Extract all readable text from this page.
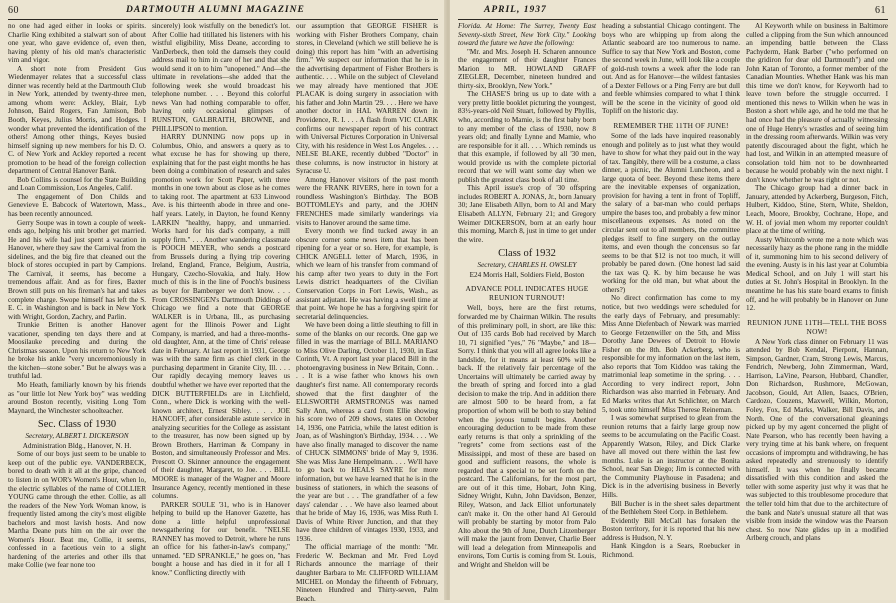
60	DARTMOUTH ALUMNI MAGAZINE

no one had aged either in looks or spirits. Charlie King exhibited a stalwart son of about one year, who gave evidence of, even then, having plenty of his old man's characteristic vim and vigor.

A short note from President Gus Wiedenmayer relates that a successful class dinner was recently held at the Dartmouth Club in New York, attended by twenty-three men, among whom were: Ackley, Blair, Lyb Johnson, Baird Rogers, Fan Jamison, Bob Booth, Keyes, Julius Morris, and Hodges. I wonder what prevented the identification of the others! Among other things, Keyes busied himself signing up new members for his D. O. C. of New York and Ackley reported a recent promotion to be head of the foreign collection department of Central Hanover Bank.

Bob Collins is counsel for the State Building and Loan Commission, Los Angeles, Calif.

The engagement of Don Childs and Genevieve E. Babcock of Watertown, Mass., has been recently announced.

Gerry Soupe was in town a couple of week-ends ago, helping his unit brother get married. He and his wife had just spent a vacation in Hanover, where they saw the Carnival from the sidelines, and the big fire that cleaned out the block of stores occupied in part by Campions. The Carnival, it seems, has become a tremendous affair. And as for fires, Baxter Brown still puts on his fireman's hat and takes complete charge. Swope himself has left the S. E. C. in Washington and is back in New York with Wright, Gordon, Zachry, and Parlin.

Trunkie Britten is another Hanover vacationer, spending ten days there and at Moosilauke preceding and during the Christmas season. Upon his return to New York he broke his ankle "very unceremoniously in the kitchen—stone sober." But he always was a truthful lad.

Mo Heath, familiarly known by his friends as "our little lot New York boy" was wedding around Boston recently, visiting Long Tom Maynard, the Winchester schoolteacher.

Sec. Class of 1930
Secretary, ALBERT I. DICKERSON
Administration Bldg., Hanover, N. H.

Some of our boys just seem to be unable to keep out of the public eye. VANDERBECK, bored to death with it all at the gripe, chanced to listen in on WOR's Women's Hour, when lo, the electric syllables of the name of COLLIER YOUNG came through the ether. Collie, as all the readers of the New York Woman know, is frequently listed among the city's most eligible bachelors and most lavish hosts. And now Martha Deane puts him on the air over the Women's Hour. Beat me, Collie, it seems, confessed in a facetious vein to a slight hardening of the arteries and other ills that make Collie (we fear none too

sincerely) look wistfully on the benedict's lot. After Collie had titillated his listeners with his wistful eligibility, Miss Deane, according to VanDerbeck, then told the damsels they could address mail to him in care of her and that she would send it on to him "unopened." And—the ultimate in revelations—she added that the following week she would broadcast his telephone number. . . . Beyond this colorful news Van had nothing comparable to offer, having only occasional glimpses of RUNSTON, GALBRAITH, BROWNE, and PHILLIPSON to mention.

HARRY DUNNING now pops up in Columbus, Ohio, and answers a query as to what excuse he has for showing up there, explaining that for the past eight months he has been doing a combination of research and sales promotion work for Scott Paper, with three months in one town about as close as he comes to taking root. The apartment at 633 Linwood Ave. is his thirteenth abode in three and one-half years. Lately, in Dayton, he found Kenny LARKIN "healthy, happy, and unmarried. Works hard for his dad's company, a mill supply firm." . . . Another wandering classmate is POOCH MEYER, who sends a postcard from Brussels during a flying trip covering Ireland, England, France, Belgium, Austria, Hungary, Czecho-Slovakia, and Italy. How much of this is in the line of Pooch's business as buyer for Bamberger we don't know. . . . From CROSSINGEN's Dartmouth Diddings of Chicago we find a note that GEORGE WALKER is in Urbana, Ill., as purchasing agent for the Illinois Power and Light Company, is married, and had a three-months-old daughter, Ann, at the time of Chris' release date in February. At last report in 1931, George was with the same firm as chief clerk in the purchasing department in Granite City, Ill. . . . Our rapidly decaying memory leaves us doubtful whether we have ever reported that the DICK BUTTERFIELDs are in Litchfield, Conn., where Dick is working with the well-known architect, Ernest Sibley. . . . JOE HANCOFF, after considerable astute service in analyzing securities for the College as assistant to the treasurer, has now been signed up by Brown Brothers, Harriman & Company in Boston, and simultaneously Professor and Mrs. Prescott O. Skinner announce the engagement of their daughter, Margaret, to Joe. . . . BILL MOORE is manager of the Wagner and Moore Insurance Agency, recently mentioned in these columns.

PARKER SOULE '31, who is in Hanover helping to build up the Hanover Gazette, has done a little helpful unprofessional newsgathering for our benefit. "NELSE RANNEY has moved to Detroit, where he runs an office for his father-in-law's company," unnamed. "ED SPRANKLE," he goes on, "has bought a house and has died in it for all I know." Conflicting directly with

our assumption that GEORGE FISHER is working with Fisher Brothers Company, chain stores, in Cleveland (which we still believe he is doing) this report has him "with an advertising firm." We suspect our information that he is in the advertising department of Fisher Brothers is authentic. . . . While on the subject of Cleveland we may already have mentioned that JOE PLACAK is doing surgery in association with his father and John Martin '29. . . . Here we have another doctor in HAL WARREN down in Providence, R. I. . . . A flash from VIC CLARK confirms our newspaper report of his contract with Universal Pictures Corporation in Universal City, with his residence in West Los Angeles. . . . NELSE BLAKE, recently dubbed "Doctor" in these columns, is now instructor in history at Syracuse U.

Among Hanover visitors of the past month were the FRANK RIVERS, here in town for a roundless Washington's Birthday. The BOB BOTTOMLEYs and party, and the JOHN FRENCHES made similarly wanderings via visits to Hanover around the same time.

Every month we find tucked away in an obscure corner some news item that has been ripening for a year or so. Here, for example, is CHICK ANGELL letter of March, 1936, in which we learn of his transfer from command of his camp after two years to duty in the Fort Lewis district headquarters of the Civilian Conservation Corps in Fort Lewis, Wash., as assistant adjutant. He was having a swell time at that point. We hope he has a forgiving spirit for secretarial delinquencies.

We have been doing a little sleuthing to fill in some of the blanks on our records. One gap we filled in was the marriage of BILL MARIANO to Miss Olive Darling, October 11, 1930, in East Corinth, Vt. A report last year placed Bill in the photoengraving business in New Britain, Conn. . . . It is a wise father who knows his own daughter's first name. All contemporary records showed that the first daughter of the ELLSWORTH ARMSTRONGS was named Sally Ann, whereas a card from Ellie showing his score two of 209 shows, states on October 14, 1936, one Patricia, while the latest edition is Joan, as of Washington's Birthday, 1934. . . . We have also finally managed to discover the name of CHUCK SIMMONS' bride of May 9, 1936. She was Miss Jane Hempelmann. . . . We'll have to go back to HEALS SAYRE for more information, but we have learned that he is in the business of stationers, in which the seasons of the year are but . . . The grandfather of a few days' calendar . . . We have also learned about that he bride of May 16, 1936, was Miss Ruth I. Davis of White River Junction, and that they have three children of vintages 1930, 1933, and 1936.

The official marriage of the month: "Mr. Frederic W. Beckman and Mr. Fred Loyd Richards announce the marriage of their daughter Barbara to Mr. CLIFFORD WILLIAM MICHEL on Monday the fifteenth of February, Nineteen Hundred and Thirty-seven, Palm Beach.

APRIL, 1937	61

Florida. At Home: The Surrey, Twenty East Seventy-sixth Street, New York City." Looking toward the future we have the following:

"Mr. and Mrs. Joseph H. Scharen announce the engagement of their daughter Frances Marion to MR. HOWLAND GRAFF ZIEGLER, December, nineteen hundred and thirty-six, Brooklyn, New York."

The CHASE'S bring us up to date with a very pretty little booklet picturing the youngest, 83½-years-old Neil Stuart, followed by Phyllis, who, according to Mamie, is the first baby born to any member of the class of 1930, now 8 years old; and finally Lynne and Mamie, who are responsible for it all. . . . Which reminds us that this example, if followed by all '30 men, would provide us with the complete pictorial record that we will want some day when we publish the greatest class book of all time.

This April issue's crop of '30 offspring includes ROBERT A. JONAS, Jr., born January 30; Jane Elisabeth Allyn, born to Al and Mary Elisabeth ALLYN, February 21; and Gregory Weimer DICKERSON, born at an early hour this morning, March 8, just in time to get under the wire.

Class of 1932
Secretary, CHARLES H. OWSLEY
E24 Morris Hall, Soldiers Field, Boston
ADVANCE POLL INDICATES HUGE REUNION TURNOUT!

Well, boys, here are the first returns, forwarded me by Chairman Wilkin. The results of this preliminary poll, in short, are like this: Out of 135 cards Bob had received by March 10, 71 signified "yes," 76 "Maybe," and 18—Sorry. I think that you will all agree looks like a landslide, for it means at least 60% will be back. If the relatively fair percentage of the Uncertains will ultimately be carried away by the breath of spring and forced into a glad decision to make the trip. And in addition there are almost 500 to be heard from, a fat proportion of whom will be both to stay behind when the joyous tumult begins. Another encouraging deduction to be made from these early returns is that only a sprinkling of the "regrets" come from sections east of the Mississippi, and most of these are based on good and sufficient reasons, the whole is regarded that a special to be set forth on the postcard. The Californians, for the most part, are out of it this time, Hobart, John King, Sidney Wright, Kuhn, John Davidson, Benzer, Riley, Watson, and Jack Elliot unfortunately can't make it. On the other hand Al Gerould will probably be starting by motor from Palo Alto about the 9th of June, Dutch Litzenberger will make the jaunt from Denver, Charlie Beer will lead a delegation from Minneapolis and environs, Tom Curtis is coming from St. Louis, and Wright and Sheldon will be

heading a substantial Chicago contingent. The boys who are whipping up from along the Atlantic seaboard are too numerous to name. Suffice to say that New York and Boston, come the second week in June, will look like a couple of gold-rush towns a week after the lode ran out. And as for Hanover—the wildest fantasies of a Dexter Fellows or a Ping Ferry are but dull and feeble whimsies compared to what I think will be the scene in the vicinity of good old Topliff on the historic day.

REMEMBER THE 11TH OF JUNE!

Some of the lads have inquired reasonably enough and politely as to just what they would have to show for what they paid out in the way of tax. Tangibly, there will be a costume, a class dinner, a picnic, the Alumni Luncheon, and a large quota of beer. Beyond these items there are the inevitable expenses of organization, provision for having a tent in front of Topliff, the salary of a bar-man who could perhaps umpire the bases too, and probably a few minor miscellaneous expenses. As noted on the circular sent out to all members, the committee pledges itself to fine surgery on the outlay items, and even though the concensus so far seems to be that $12 is not too much, it will probably be pared down. (One honest lad said the tax was Q. K. by him because he was working for the old man, but what about the others?)

No direct confirmation has come to my notice, but two weddings were scheduled for the early days of February, and presumably: Miss Anne Diefenbach of Newark was married to George Fetzenwiller on the 5th, and Miss Dorothy Jane Dewees of Detroit to Howie Fisher on the 8th. Bob Ackerberg, who is responsible for my information on the last item, also reports that Tom Kiddoo was taking the matrimonial leap sometime in the spring. . . . According to very indirect report, John Richardson was also married in February. And Ed Marks writes that Art Schlichter, on March 5, took unto himself Miss Therese Reineman.

I was somewhat surprised to glean from the reunion returns that a fairly large group now seems to be accumulating on the Pacific Coast. Apparently Watson, Riley, and Dick Clarke have all moved out there within the last few months. Luke is an instructor at the Bonita School, near San Diego; Jim is connected with the Community Playhouse in Pasadena; and Dick is in the advertising business in Beverly Hills.

Bill Bucher is in the sheet sales department of the Bethlehem Steel Corp. in Bethlehem.

Evidently Bill McCall has forsaken the Boston territory, for it is reported that his new address is Hudson, N. Y.

Hank Kingdon is a Sears, Roebucker in Richmond.

Al Keyworth while on business in Baltimore culled a clipping from the Sun which announced an impending battle between the Class Pachyderm, Hank Barber ("who performed on the gridiron for dear old Dartmouth") and one John Katan of Toronto, a former member of the Canadian Mounties. Whether Hank was his man this time we don't know, for Keyworth had to leave town before the struggle occurred. I mentioned this news to Wilkin when he was in Boston a short while ago, and he told me that he had once had the pleasure of actually witnessing one of Huge Henry's wrastles and of seeing him in the dressing room afterwards. Wilkin was very patently discouraged about the fight, which he had lost, and Wilkin in an attempted measure of consolation told him not to be downhearted because he would probably win the next night. I don't know whether he was right or not.

The Chicago group had a dinner back in January, attended by Ackerberg, Burgeson, Fitch, Hulbert, Kiddoo, Stine, Stern, White, Sheldon, Leach, Moore, Brookby, Cochrane, Hope, and W. H. of jovial men whom my reporter couldn't place at the time of writing.

Austy Whitcomb wrote me a note which was necessarily hazy as the phone rang in the middle of it, summoning him to his second delivery of the evening. Austy is in his last year at Columbia Medical School, and on July 1 will start his duties at St. John's Hospital in Brooklyn. In the meantime he has his state board exams to finish off, and he will probably be in Hanover on June 12.

REUNION JUNE 11TH—TELL THE BOSS NOW!

A New York class dinner on February 11 was attended by Bob Kendal, Pierpont, Hannan, Simpson, Gardner, Cram, Strong Lewis, Marcus, Fendrich, Newberg, John Zimmerman, Ward, Harrison, LaVine, Pearson, Hubbard, Chandler, Don Richardson, Rushmore, McGowan, Jacobson, Gould, Art Allen, Isaacs, O'Brien, Cardozo, Couzens, Maxwell, Wilkin, Morton, Foley, Fox, Ed Marks, Walker, Bill Davis, and North. One of the conversational gleanings picked up by my agent concerned the plight of Nate Pearson, who has recently been having a very trying time at his bank where, on frequent occasions of impromptu and withdrawing, he has asked repeatedly and strenuously to identify himself. It was when he finally became dissatisfied with this condition and asked the teller with some asperity just why it was that he was subjected to this troublesome procedure that the teller told him that due to the architecture of the bank and Nate's unusual stature all that was visible from inside the window was the Pearson chest. So now Nate glides up in a modified Arlberg crouch, and plans
